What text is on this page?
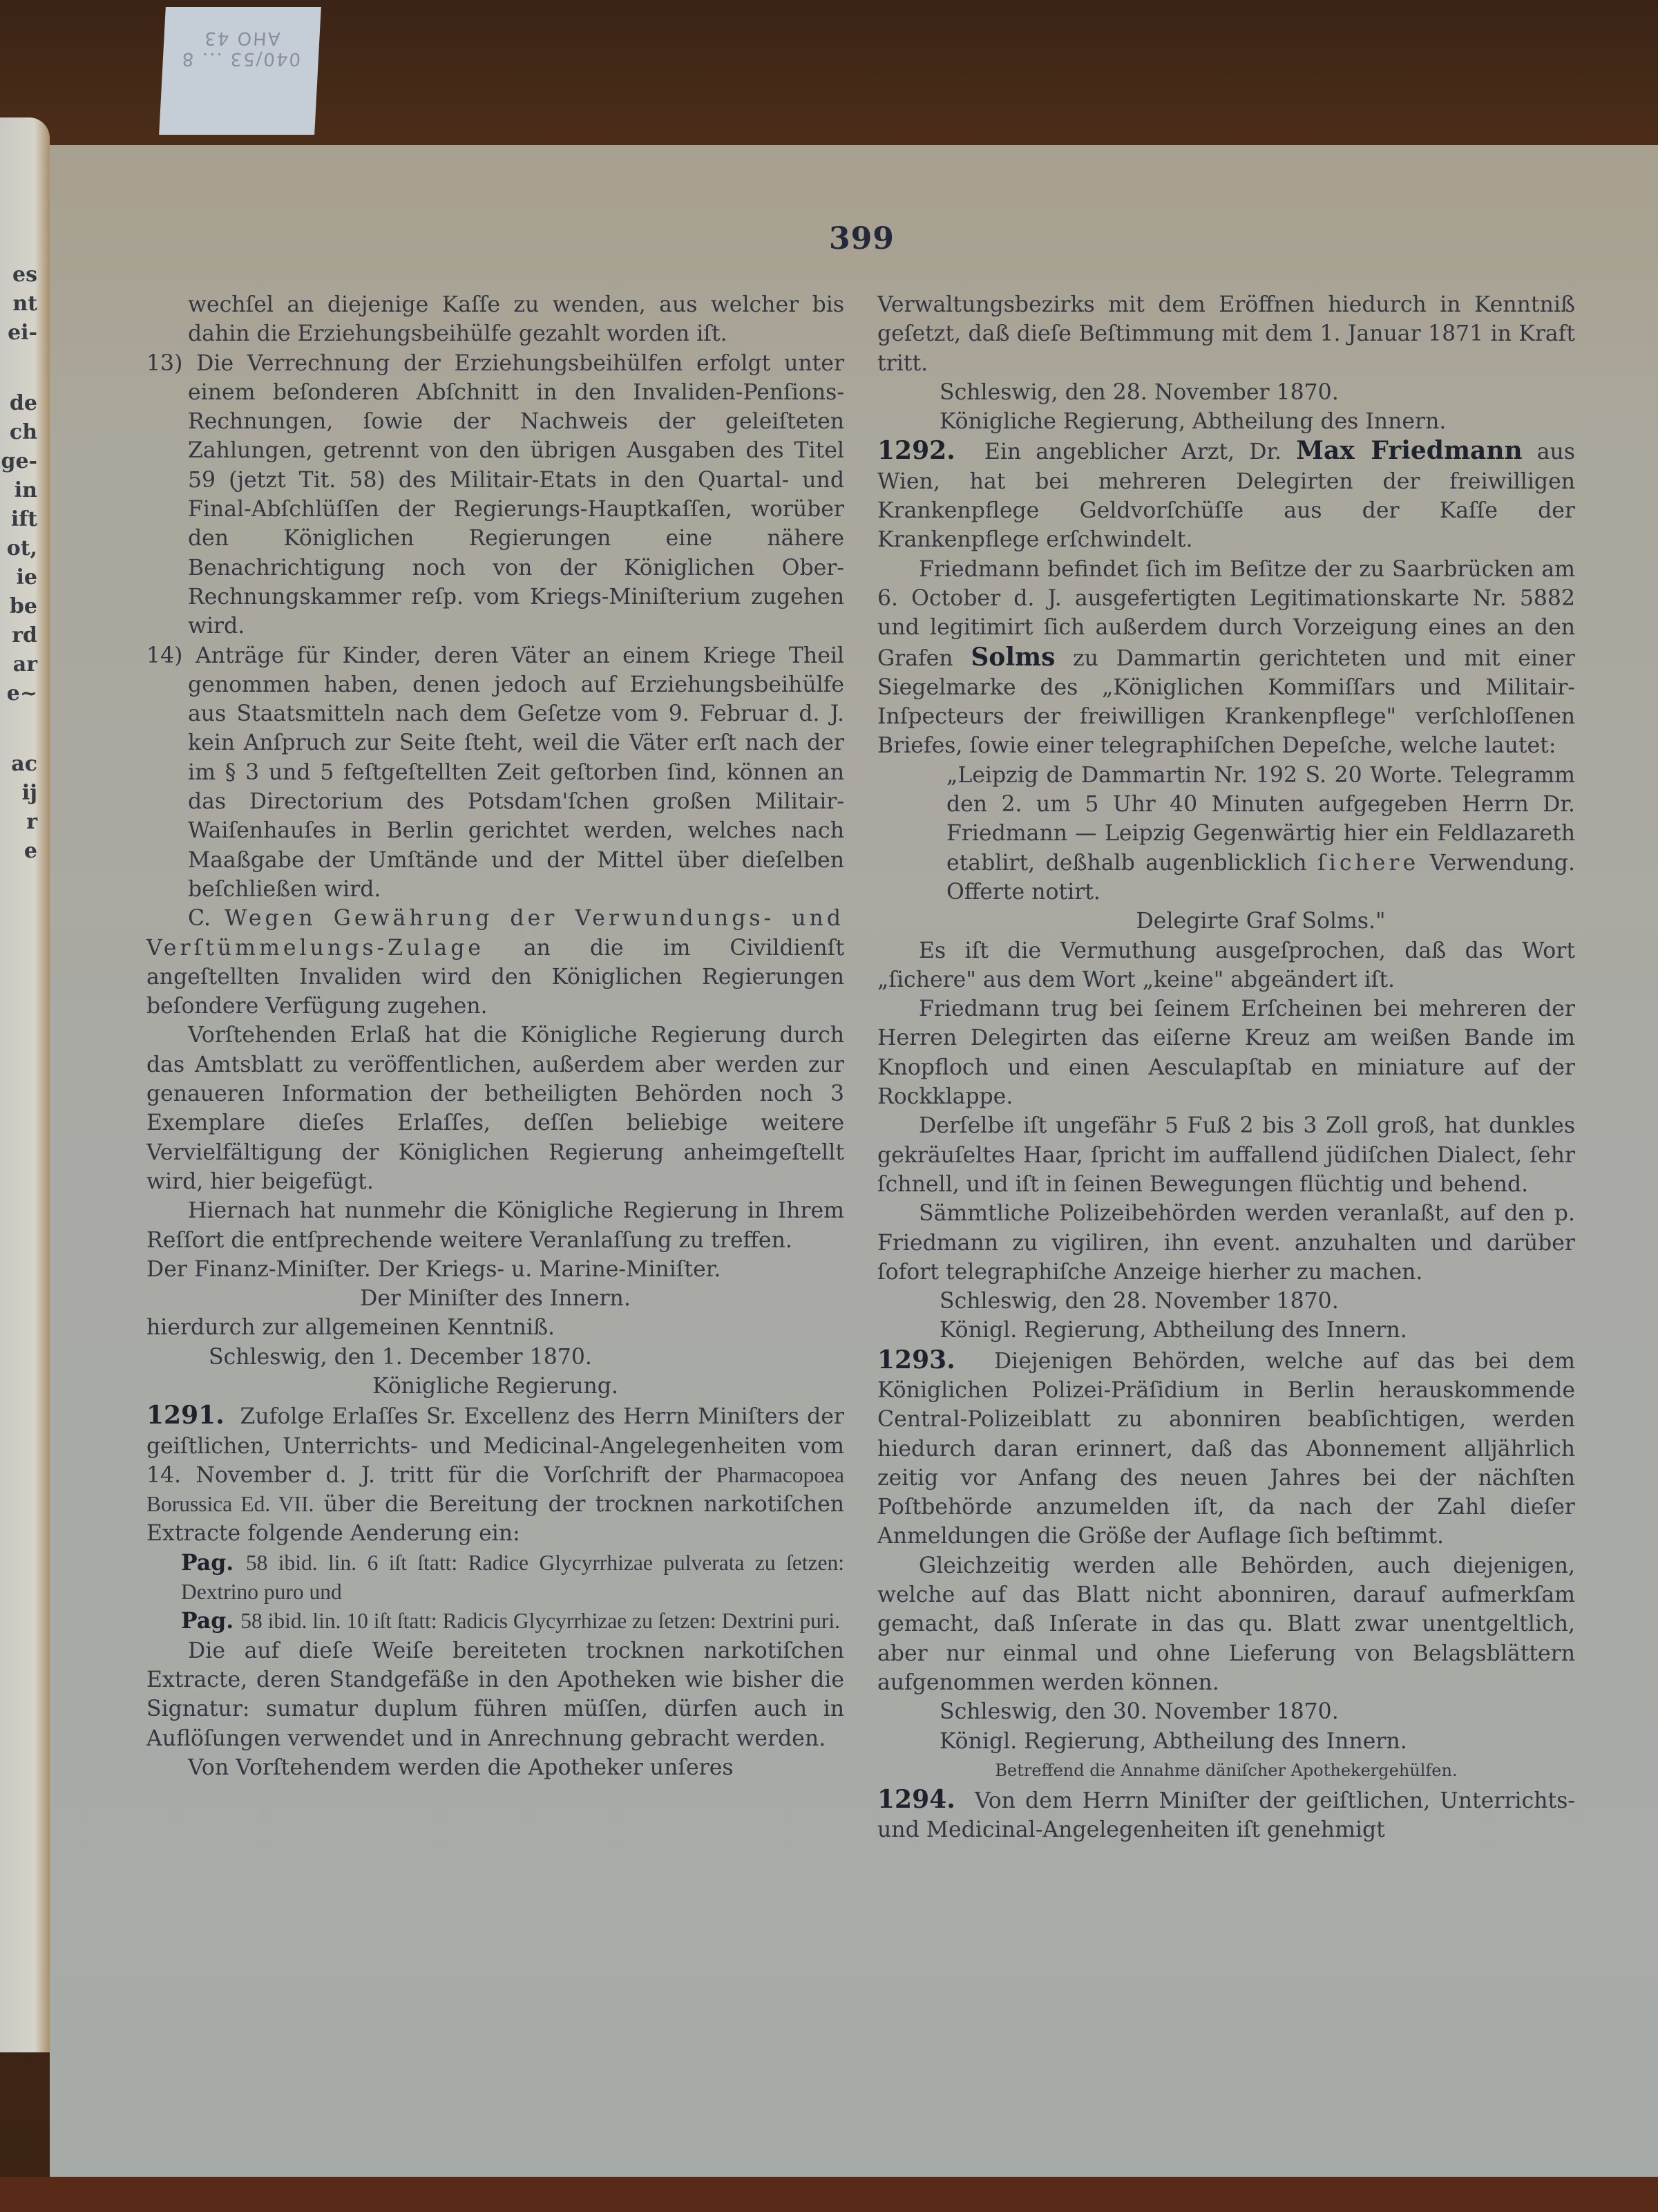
040/53 ... 8 AHO 43
es
nt
ei-
de
ch
ge-
in
ift
ot,
ie
be
rd
ar
e~
ac
ij
r
e
399

wechſel an diejenige Kaſſe zu wenden, aus welcher bis dahin die Erziehungsbeihülfe gezahlt worden iſt.

13) Die Verrechnung der Erziehungsbeihülfen erfolgt unter einem beſonderen Abſchnitt in den Invaliden-Penſions-Rechnungen, ſowie der Nachweis der geleiſteten Zahlungen, getrennt von den übrigen Ausgaben des Titel 59 (jetzt Tit. 58) des Militair-Etats in den Quartal- und Final-Abſchlüſſen der Regierungs-Hauptkaſſen, worüber den Königlichen Regierungen eine nähere Benachrichtigung noch von der Königlichen Ober-Rechnungskammer reſp. vom Kriegs-Miniſterium zugehen wird.

14) Anträge für Kinder, deren Väter an einem Kriege Theil genommen haben, denen jedoch auf Erziehungsbeihülfe aus Staatsmitteln nach dem Geſetze vom 9. Februar d. J. kein Anſpruch zur Seite ſteht, weil die Väter erſt nach der im § 3 und 5 feſtgeſtellten Zeit geſtorben ſind, können an das Directorium des Potsdam'ſchen großen Militair-Waiſenhauſes in Berlin gerichtet werden, welches nach Maaßgabe der Umſtände und der Mittel über dieſelben beſchließen wird.

C. Wegen Gewährung der Verwundungs- und Verſtümmelungs-Zulage an die im Civildienſt angeſtellten Invaliden wird den Königlichen Regierungen beſondere Verfügung zugehen.

Vorſtehenden Erlaß hat die Königliche Regierung durch das Amtsblatt zu veröffentlichen, außerdem aber werden zur genaueren Information der betheiligten Behörden noch 3 Exemplare dieſes Erlaſſes, deſſen beliebige weitere Vervielfältigung der Königlichen Regierung anheimgeſtellt wird, hier beigefügt.

Hiernach hat nunmehr die Königliche Regierung in Ihrem Reſſort die entſprechende weitere Veranlaſſung zu treffen.

Der Finanz-Miniſter. Der Kriegs- u. Marine-Miniſter.

Der Miniſter des Innern.

hierdurch zur allgemeinen Kenntniß.

Schleswig, den 1. December 1870.

Königliche Regierung.

1291. Zufolge Erlaſſes Sr. Excellenz des Herrn Miniſters der geiſtlichen, Unterrichts- und Medicinal-Angelegenheiten vom 14. November d. J. tritt für die Vorſchrift der Pharmacopoea Borussica Ed. VII. über die Bereitung der trocknen narkotiſchen Extracte folgende Aenderung ein:

Pag. 58 ibid. lin. 6 iſt ſtatt: Radice Glycyrrhizae pulverata zu ſetzen: Dextrino puro und

Pag. 58 ibid. lin. 10 iſt ſtatt: Radicis Glycyrrhizae zu ſetzen: Dextrini puri.

Die auf dieſe Weiſe bereiteten trocknen narkotiſchen Extracte, deren Standgefäße in den Apotheken wie bisher die Signatur: sumatur duplum führen müſſen, dürfen auch in Auflöſungen verwendet und in Anrechnung gebracht werden.

Von Vorſtehendem werden die Apotheker unſeres

Verwaltungsbezirks mit dem Eröffnen hiedurch in Kenntniß geſetzt, daß dieſe Beſtimmung mit dem 1. Januar 1871 in Kraft tritt.

Schleswig, den 28. November 1870.

Königliche Regierung, Abtheilung des Innern.

1292. Ein angeblicher Arzt, Dr. Max Friedmann aus Wien, hat bei mehreren Delegirten der freiwilligen Krankenpflege Geldvorſchüſſe aus der Kaſſe der Krankenpflege erſchwindelt.

Friedmann befindet ſich im Beſitze der zu Saarbrücken am 6. October d. J. ausgefertigten Legitimationskarte Nr. 5882 und legitimirt ſich außerdem durch Vorzeigung eines an den Grafen Solms zu Dammartin gerichteten und mit einer Siegelmarke des „Königlichen Kommiſſars und Militair-Inſpecteurs der freiwilligen Krankenpflege" verſchloſſenen Briefes, ſowie einer telegraphiſchen Depeſche, welche lautet:

„Leipzig de Dammartin Nr. 192 S. 20 Worte. Telegramm den 2. um 5 Uhr 40 Minuten aufgegeben Herrn Dr. Friedmann — Leipzig Gegenwärtig hier ein Feldlazareth etablirt, deßhalb augenblicklich ſichere Verwendung. Offerte notirt.

Delegirte Graf Solms."

Es iſt die Vermuthung ausgeſprochen, daß das Wort „ſichere" aus dem Wort „keine" abgeändert iſt.

Friedmann trug bei ſeinem Erſcheinen bei mehreren der Herren Delegirten das eiſerne Kreuz am weißen Bande im Knopfloch und einen Aesculapſtab en miniature auf der Rockklappe.

Derſelbe iſt ungefähr 5 Fuß 2 bis 3 Zoll groß, hat dunkles gekräuſeltes Haar, ſpricht im auffallend jüdiſchen Dialect, ſehr ſchnell, und iſt in ſeinen Bewegungen flüchtig und behend.

Sämmtliche Polizeibehörden werden veranlaßt, auf den p. Friedmann zu vigiliren, ihn event. anzuhalten und darüber ſofort telegraphiſche Anzeige hierher zu machen.

Schleswig, den 28. November 1870.

Königl. Regierung, Abtheilung des Innern.

1293. Diejenigen Behörden, welche auf das bei dem Königlichen Polizei-Präſidium in Berlin herauskommende Central-Polizeiblatt zu abonniren beabſichtigen, werden hiedurch daran erinnert, daß das Abonnement alljährlich zeitig vor Anfang des neuen Jahres bei der nächſten Poſtbehörde anzumelden iſt, da nach der Zahl dieſer Anmeldungen die Größe der Auflage ſich beſtimmt.

Gleichzeitig werden alle Behörden, auch diejenigen, welche auf das Blatt nicht abonniren, darauf aufmerkſam gemacht, daß Inſerate in das qu. Blatt zwar unentgeltlich, aber nur einmal und ohne Lieferung von Belagsblättern aufgenommen werden können.

Schleswig, den 30. November 1870.

Königl. Regierung, Abtheilung des Innern.

Betreffend die Annahme däniſcher Apothekergehülfen.

1294. Von dem Herrn Miniſter der geiſtlichen, Unterrichts- und Medicinal-Angelegenheiten iſt genehmigt
